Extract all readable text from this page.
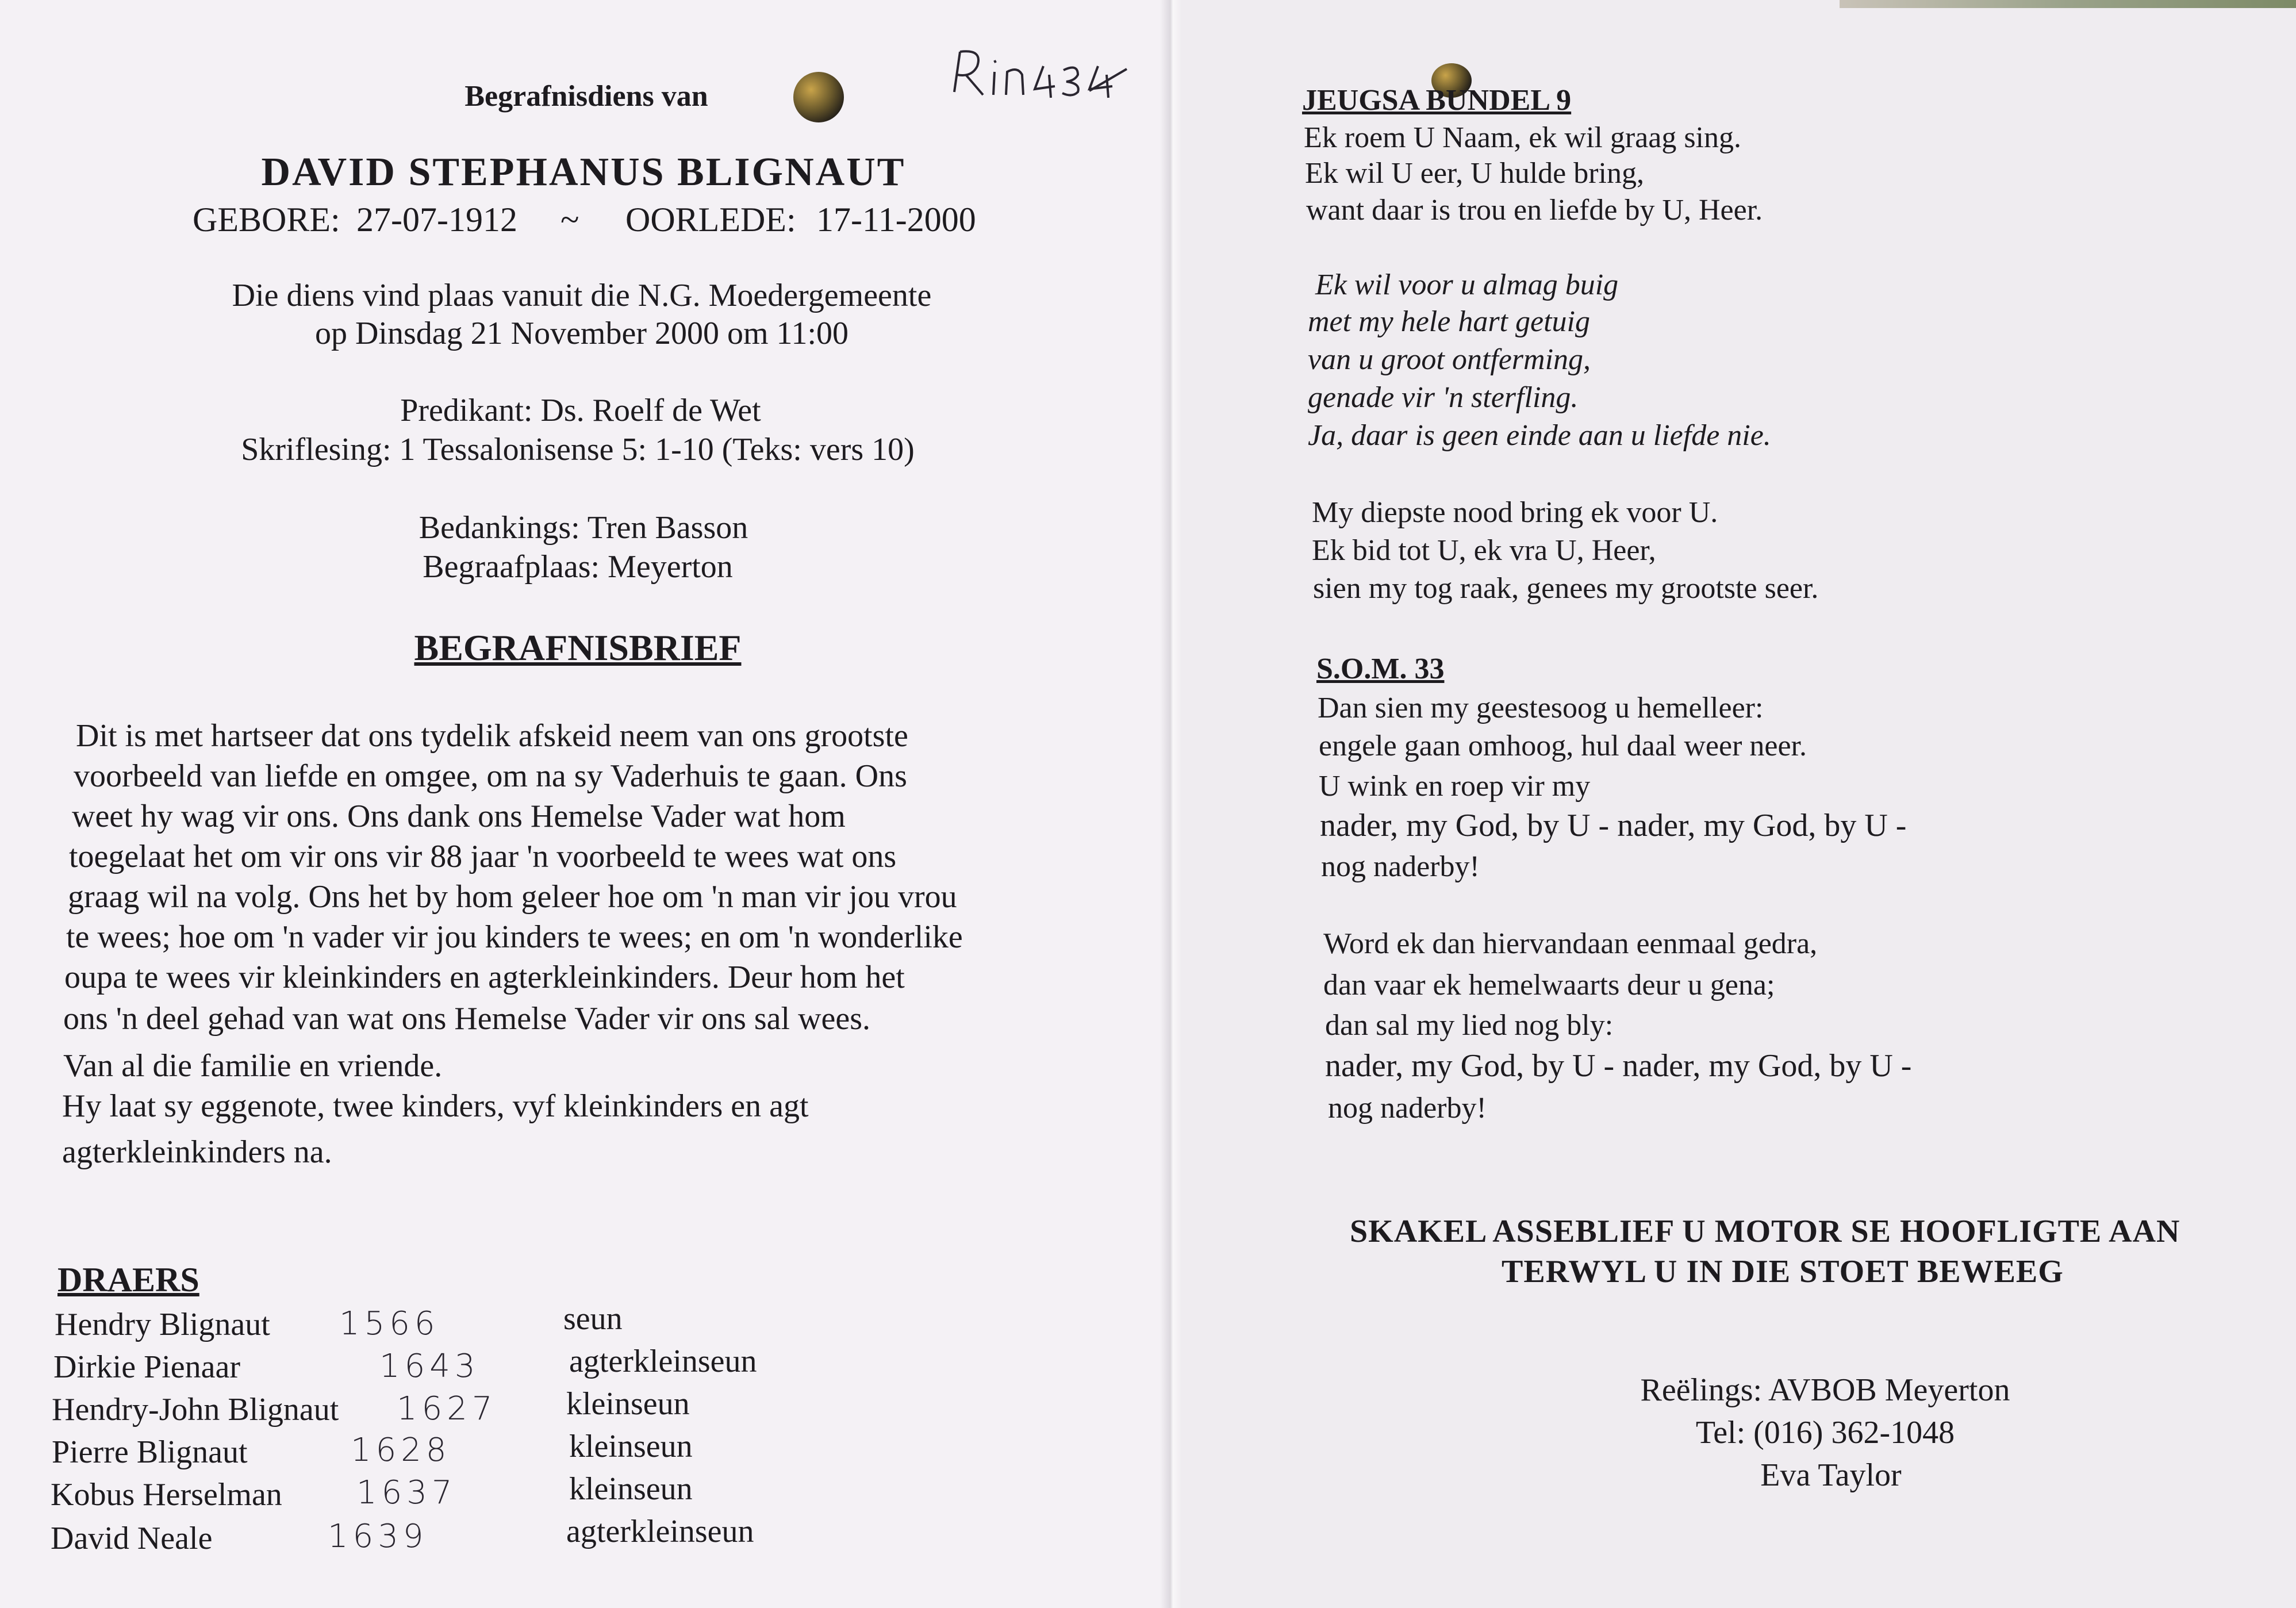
Begrafnisdiens van
DAVID STEPHANUS BLIGNAUT
GEBORE: 27-07-1912 ~ OORLEDE: 17-11-2000
Die diens vind plaas vanuit die N.G. Moedergemeente
op Dinsdag 21 November 2000 om 11:00
Predikant: Ds. Roelf de Wet
Skriflesing: 1 Tessalonisense 5: 1-10 (Teks: vers 10)
Bedankings: Tren Basson
Begraafplaas: Meyerton
BEGRAFNISBRIEF
Dit is met hartseer dat ons tydelik afskeid neem van ons grootste
voorbeeld van liefde en omgee, om na sy Vaderhuis te gaan. Ons
weet hy wag vir ons. Ons dank ons Hemelse Vader wat hom
toegelaat het om vir ons vir 88 jaar 'n voorbeeld te wees wat ons
graag wil na volg. Ons het by hom geleer hoe om 'n man vir jou vrou
te wees; hoe om 'n vader vir jou kinders te wees; en om 'n wonderlike
oupa te wees vir kleinkinders en agterkleinkinders. Deur hom het
ons 'n deel gehad van wat ons Hemelse Vader vir ons sal wees.
Van al die familie en vriende.
Hy laat sy eggenote, twee kinders, vyf kleinkinders en agt
agterkleinkinders na.
DRAERS
Hendry Blignaut 1566	seun
Dirkie Pienaar	1643	agterkleinseun
Hendry-John Blignaut 1627 kleinseun
Pierre Blignaut	1628	kleinseun
Kobus Herselman 1637	kleinseun
David Neale	1639	agterkleinseun
JEUGSA BUNDEL 9
Ek roem U Naam, ek wil graag sing.
Ek wil U eer, U hulde bring,
want daar is trou en liefde by U, Heer.
Ek wil voor u almag buig
met my hele hart getuig
van u groot ontferming,
genade vir 'n sterfling.
Ja, daar is geen einde aan u liefde nie.
My diepste nood bring ek voor U.
Ek bid tot U, ek vra U, Heer,
sien my tog raak, genees my grootste seer.
S.O.M. 33
Dan sien my geestesoog u hemelleer:
engele gaan omhoog, hul daal weer neer.
U wink en roep vir my
nader, my God, by U - nader, my God, by U -
nog naderby!
Word ek dan hiervandaan eenmaal gedra,
dan vaar ek hemelwaarts deur u gena;
dan sal my lied nog bly:
nader, my God, by U - nader, my God, by U -
nog naderby!
SKAKEL ASSEBLIEF U MOTOR SE HOOFLIGTE AAN
TERWYL U IN DIE STOET BEWEEG
Reëlings: AVBOB Meyerton
Tel: (016) 362-1048
Eva Taylor
